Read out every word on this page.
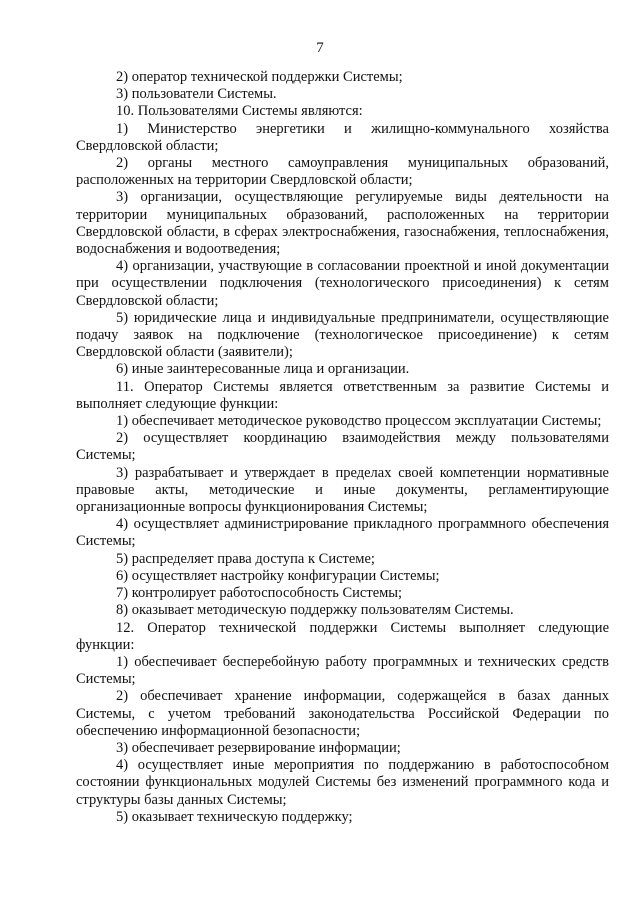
7

2) оператор технической поддержки Системы;

3) пользователи Системы.

10. Пользователями Системы являются:

1) Министерство энергетики и жилищно-коммунального хозяйства Свердловской области;

2) органы местного самоуправления муниципальных образований, расположенных на территории Свердловской области;

3) организации, осуществляющие регулируемые виды деятельности на территории муниципальных образований, расположенных на территории Свердловской области, в сферах электроснабжения, газоснабжения, теплоснабжения, водоснабжения и водоотведения;

4) организации, участвующие в согласовании проектной и иной документации при осуществлении подключения (технологического присоединения) к сетям Свердловской области;

5) юридические лица и индивидуальные предприниматели, осуществляющие подачу заявок на подключение (технологическое присоединение) к сетям Свердловской области (заявители);

6) иные заинтересованные лица и организации.

11. Оператор Системы является ответственным за развитие Системы и выполняет следующие функции:

1) обеспечивает методическое руководство процессом эксплуатации Системы;

2) осуществляет координацию взаимодействия между пользователями Системы;

3) разрабатывает и утверждает в пределах своей компетенции нормативные правовые акты, методические и иные документы, регламентирующие организационные вопросы функционирования Системы;

4) осуществляет администрирование прикладного программного обеспечения Системы;

5) распределяет права доступа к Системе;

6) осуществляет настройку конфигурации Системы;

7) контролирует работоспособность Системы;

8) оказывает методическую поддержку пользователям Системы.

12. Оператор технической поддержки Системы выполняет следующие функции:

1) обеспечивает бесперебойную работу программных и технических средств Системы;

2) обеспечивает хранение информации, содержащейся в базах данных Системы, с учетом требований законодательства Российской Федерации по обеспечению информационной безопасности;

3) обеспечивает резервирование информации;

4) осуществляет иные мероприятия по поддержанию в работоспособном состоянии функциональных модулей Системы без изменений программного кода и структуры базы данных Системы;

5) оказывает техническую поддержку;
